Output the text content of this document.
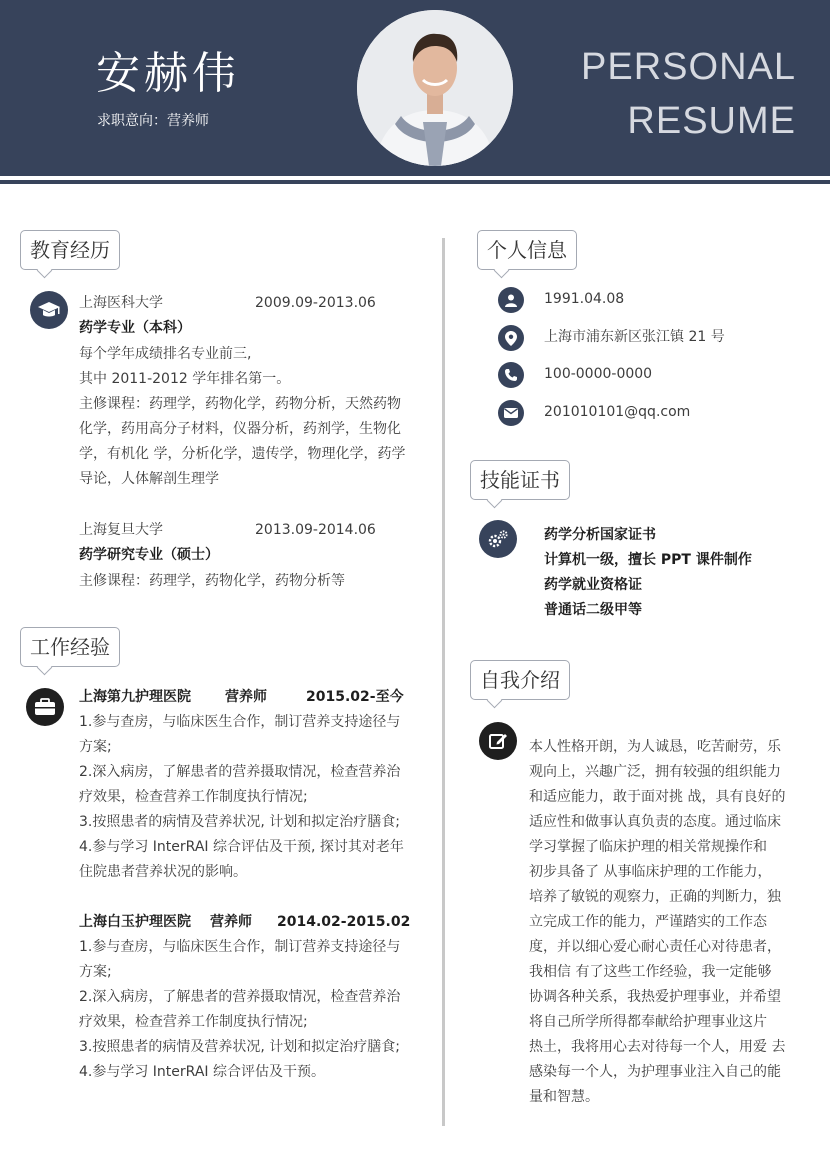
安赫伟
求职意向：营养师
PERSONAL
RESUME
教育经历
上海医科大学	2009.09-2013.06
药学专业（本科）
每个学年成绩排名专业前三,
其中 2011-2012 学年排名第一。
主修课程：药理学，药物化学，药物分析，天然药物
化学，药用高分子材料，仪器分析，药剂学，生物化
学，有机化 学，分析化学，遗传学，物理化学，药学
导论，人体解剖生理学
上海复旦大学	2013.09-2014.06
药学研究专业（硕士）
主修课程：药理学，药物化学，药物分析等
工作经验
上海第九护理医院 营养师	2015.02-至今
1.参与查房，与临床医生合作，制订营养支持途径与
方案;
2.深入病房，了解患者的营养摄取情况，检查营养治
疗效果，检查营养工作制度执行情况;
3.按照患者的病情及营养状况, 计划和拟定治疗膳食;
4.参与学习 InterRAI 综合评估及干预, 探讨其对老年
住院患者营养状况的影响。
上海白玉护理医院 营养师 2014.02-2015.02
1.参与查房，与临床医生合作，制订营养支持途径与
方案;
2.深入病房，了解患者的营养摄取情况，检查营养治
疗效果，检查营养工作制度执行情况;
3.按照患者的病情及营养状况, 计划和拟定治疗膳食;
4.参与学习 InterRAI 综合评估及干预。
个人信息
1991.04.08
上海市浦东新区张江镇 21 号
100-0000-0000
201010101@qq.com
技能证书
药学分析国家证书
计算机一级，擅长 PPT 课件制作
药学就业资格证
普通话二级甲等
自我介绍
本人性格开朗，为人诚恳，吃苦耐劳，乐
观向上，兴趣广泛，拥有较强的组织能力
和适应能力，敢于面对挑 战，具有良好的
适应性和做事认真负责的态度。通过临床
学习掌握了临床护理的相关常规操作和
初步具备了 从事临床护理的工作能力，
培养了敏锐的观察力，正确的判断力，独
立完成工作的能力，严谨踏实的工作态
度，并以细心爱心耐心责任心对待患者，
我相信 有了这些工作经验，我一定能够
协调各种关系，我热爱护理事业，并希望
将自己所学所得都奉献给护理事业这片
热土，我将用心去对待每一个人，用爱 去
感染每一个人，为护理事业注入自己的能
量和智慧。
